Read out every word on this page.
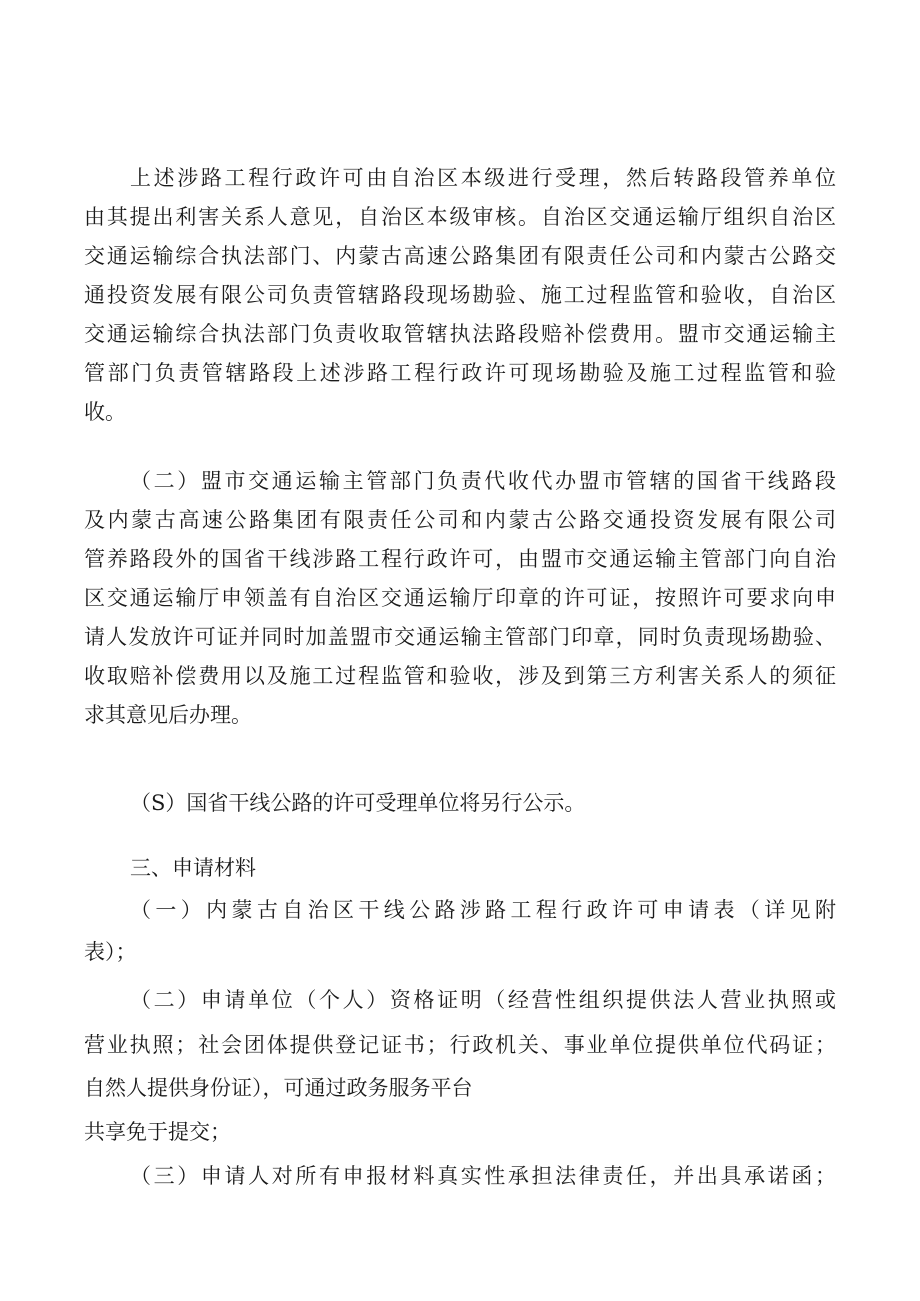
上述涉路工程行政许可由自治区本级进行受理，然后转路段管养单位

由其提出利害关系人意见，自治区本级审核。自治区交通运输厅组织自治区

交通运输综合执法部门、内蒙古高速公路集团有限责任公司和内蒙古公路交

通投资发展有限公司负责管辖路段现场勘验、施工过程监管和验收，自治区

交通运输综合执法部门负责收取管辖执法路段赔补偿费用。盟市交通运输主

管部门负责管辖路段上述涉路工程行政许可现场勘验及施工过程监管和验

收。

（二）盟市交通运输主管部门负责代收代办盟市管辖的国省干线路段

及内蒙古高速公路集团有限责任公司和内蒙古公路交通投资发展有限公司

管养路段外的国省干线涉路工程行政许可，由盟市交通运输主管部门向自治

区交通运输厅申领盖有自治区交通运输厅印章的许可证，按照许可要求向申

请人发放许可证并同时加盖盟市交通运输主管部门印章，同时负责现场勘验、

收取赔补偿费用以及施工过程监管和验收，涉及到第三方利害关系人的须征

求其意见后办理。

（S）国省干线公路的许可受理单位将另行公示。

三、申请材料

（一）内蒙古自治区干线公路涉路工程行政许可申请表（详见附

表）；

（二）申请单位（个人）资格证明（经营性组织提供法人营业执照或

营业执照；社会团体提供登记证书；行政机关、事业单位提供单位代码证；

自然人提供身份证），可通过政务服务平台

共享免于提交；

（三）申请人对所有申报材料真实性承担法律责任，并出具承诺函；
